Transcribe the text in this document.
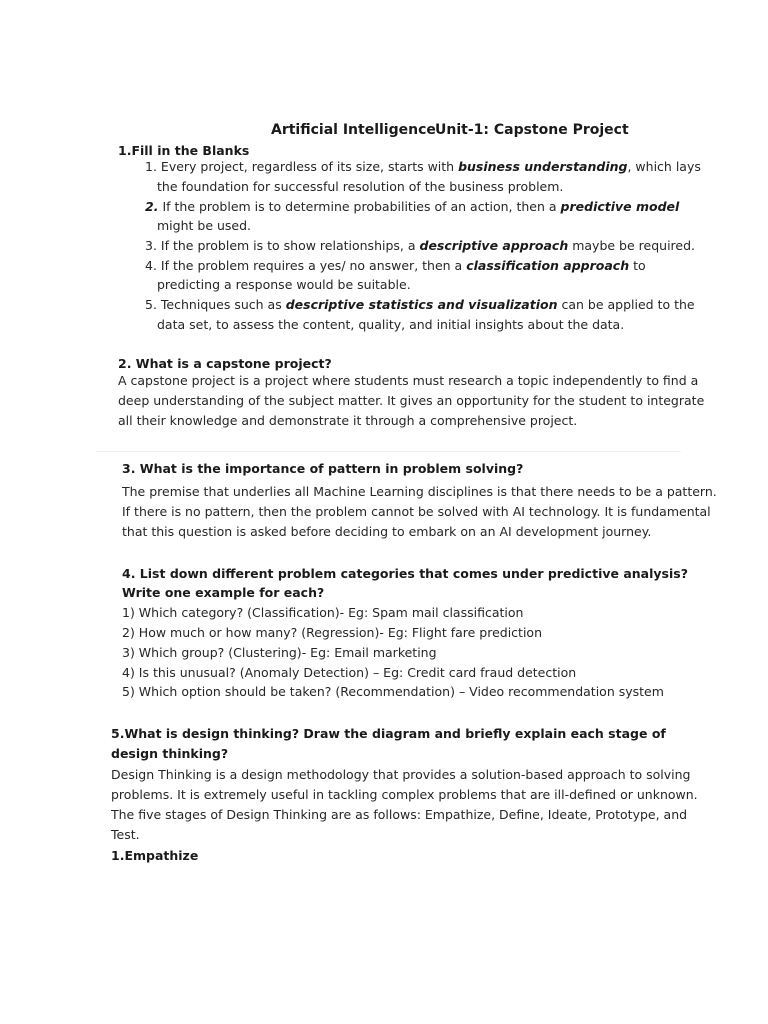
Artificial Intelligence Unit-1: Capstone Project
1.Fill in the Blanks
1. Every project, regardless of its size, starts with business understanding, which lays
the foundation for successful resolution of the business problem.
2. If the problem is to determine probabilities of an action, then a predictive model
might be used.
3. If the problem is to show relationships, a descriptive approach maybe be required.
4. If the problem requires a yes/ no answer, then a classification approach to
predicting a response would be suitable.
5. Techniques such as descriptive statistics and visualization can be applied to the
data set, to assess the content, quality, and initial insights about the data.
2. What is a capstone project?
A capstone project is a project where students must research a topic independently to find a
deep understanding of the subject matter. It gives an opportunity for the student to integrate
all their knowledge and demonstrate it through a comprehensive project.
3. What is the importance of pattern in problem solving?
The premise that underlies all Machine Learning disciplines is that there needs to be a pattern.
If there is no pattern, then the problem cannot be solved with AI technology. It is fundamental
that this question is asked before deciding to embark on an AI development journey.
4. List down different problem categories that comes under predictive analysis?
Write one example for each?
1) Which category? (Classification)- Eg: Spam mail classification
2) How much or how many? (Regression)- Eg: Flight fare prediction
3) Which group? (Clustering)- Eg: Email marketing
4) Is this unusual? (Anomaly Detection) – Eg: Credit card fraud detection
5) Which option should be taken? (Recommendation) – Video recommendation system
5.What is design thinking? Draw the diagram and briefly explain each stage of
design thinking?
Design Thinking is a design methodology that provides a solution-based approach to solving
problems. It is extremely useful in tackling complex problems that are ill-defined or unknown.
The five stages of Design Thinking are as follows: Empathize, Define, Ideate, Prototype, and
Test.
1.Empathize
